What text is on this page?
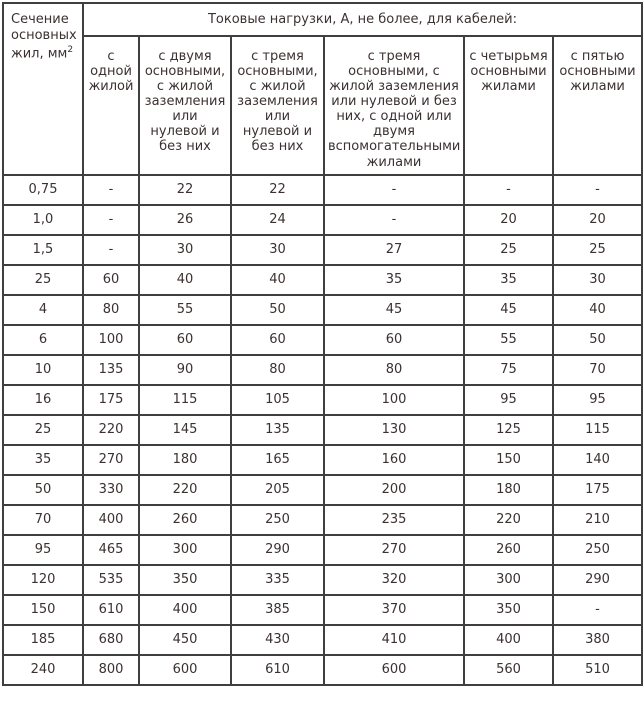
Сечение основных жил, $мм^2$	Токовые нагрузки, А, не более, для кабелей:					
	с одной жилой	с двумя основными, с жилой заземления или нулевой и без них	с тремя основными, с жилой заземления или нулевой и без них	с тремя основными, с жилой заземления или нулевой и без них, с одной или двумя вспомогательными жилами	с четырьмя основными жилами	с пятью основными жилами
0,75	-	22	22	-	-	-
1,0	-	26	24	-	20	20
1,5	-	30	30	27	25	25
25	60	40	40	35	35	30
4	80	55	50	45	45	40
6	100	60	60	60	55	50
10	135	90	80	80	75	70
16	175	115	105	100	95	95
25	220	145	135	130	125	115
35	270	180	165	160	150	140
50	330	220	205	200	180	175
70	400	260	250	235	220	210
95	465	300	290	270	260	250
120	535	350	335	320	300	290
150	610	400	385	370	350	-
185	680	450	430	410	400	380
240	800	600	610	600	560	510
